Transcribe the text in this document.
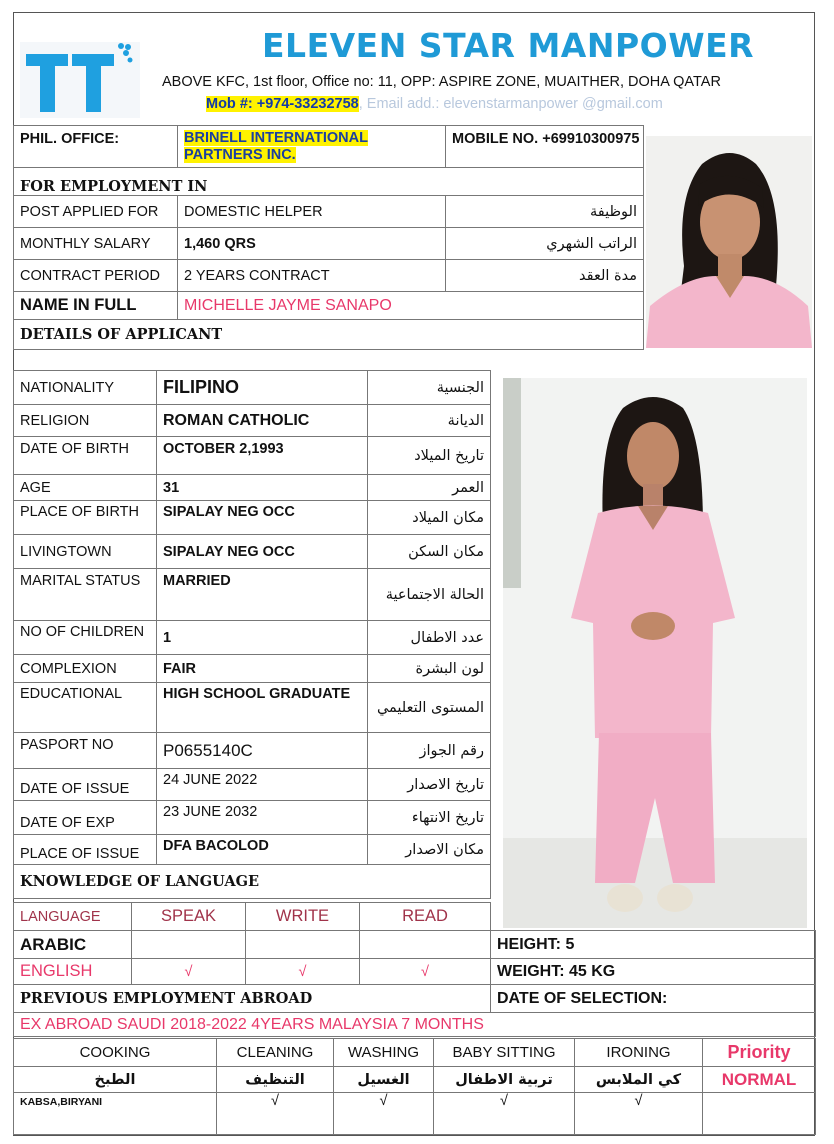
ELEVEN STAR MANPOWER
ABOVE KFC, 1st floor, Office no: 11, OPP: ASPIRE ZONE, MUAITHER, DOHA QATAR
Mob #: +974-33232758, Email add.: elevenstarmanpower @gmail.com
PHIL. OFFICE:	BRINELL INTERNATIONAL PARTNERS INC.	MOBILE NO. +69910300975
FOR EMPLOYMENT IN		
POST APPLIED FOR	DOMESTIC HELPER	الوظيفة
MONTHLY SALARY	1,460 QRS	الراتب الشهري
CONTRACT PERIOD	2 YEARS CONTRACT	مدة العقد
NAME IN FULL	MICHELLE JAYME SANAPO	
DETAILS OF APPLICANT		
NATIONALITY	FILIPINO	الجنسية
RELIGION	ROMAN CATHOLIC	الديانة
DATE OF BIRTH	OCTOBER 2,1993	تاريخ الميلاد
AGE	31	العمر
PLACE OF BIRTH	SIPALAY NEG OCC	مكان الميلاد
LIVINGTOWN	SIPALAY NEG OCC	مكان السكن
MARITAL STATUS	MARRIED	الحالة الاجتماعية
NO OF CHILDREN	1	عدد الاطفال
COMPLEXION	FAIR	لون البشرة
EDUCATIONAL	HIGH SCHOOL GRADUATE	المستوى التعليمي
PASPORT NO	P0655140C	رقم الجواز
DATE OF ISSUE	24 JUNE 2022	تاريخ الاصدار
DATE OF EXP	23 JUNE 2032	تاريخ الانتهاء
PLACE OF ISSUE	DFA BACOLOD	مكان الاصدار
KNOWLEDGE OF LANGUAGE		
LANGUAGE	SPEAK	WRITE	READ	
ARABIC				HEIGHT: 5
ENGLISH	√	√	√	WEIGHT: 45 KG
PREVIOUS EMPLOYMENT ABROAD				DATE OF SELECTION:
EX ABROAD SAUDI 2018-2022 4YEARS MALAYSIA 7 MONTHS				
COOKING	CLEANING	WASHING	BABY SITTING	IRONING	Priority
الطبخ	التنظيف	الغسيل	تربية الاطفال	كي الملابس	NORMAL
KABSA,BIRYANI	√	√	√	√	
